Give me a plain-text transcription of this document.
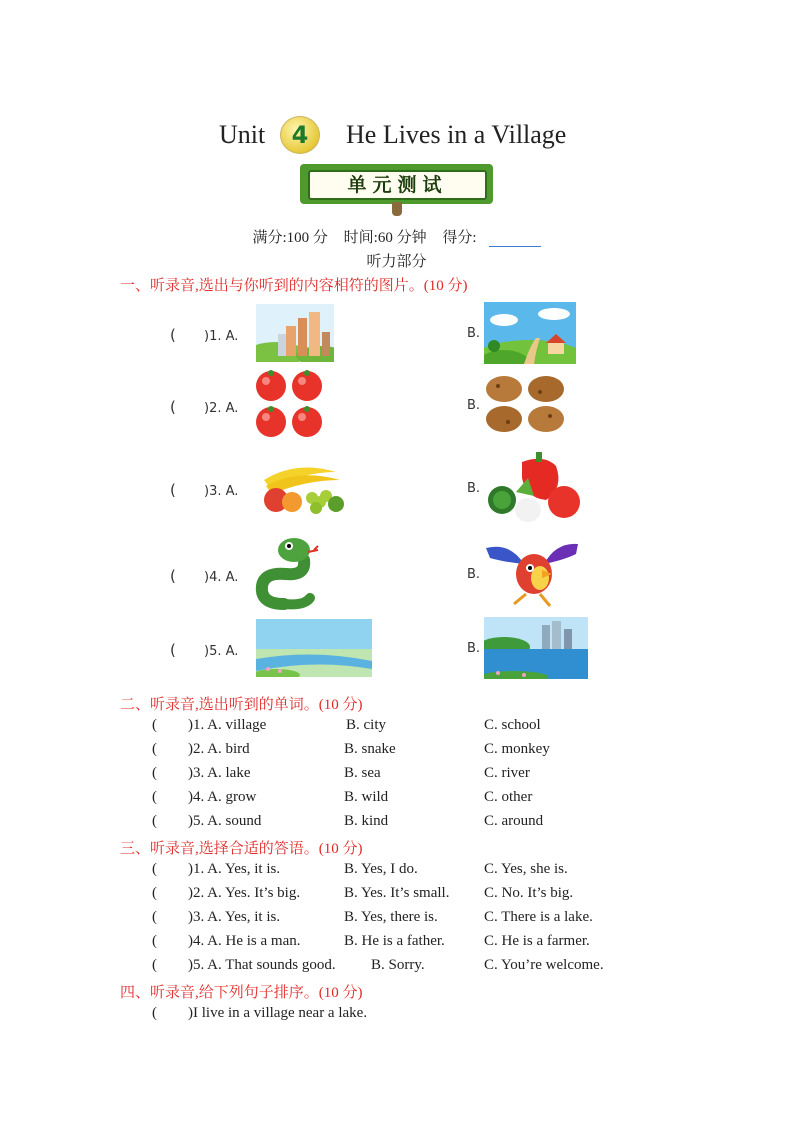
Unit	4	He Lives in a Village
单元测试
满分:100 分 时间:60 分钟 得分:
听力部分
一、听录音,选出与你听到的内容相符的图片。(10 分)
( )1. A.	B.
( )2. A.	B.
( )3. A.	B.
( )4. A.	B.
( )5. A.	B.
二、听录音,选出听到的单词。(10 分)
( )1. A. village	B. city	C. school
( )2. A. bird	B. snake	C. monkey
( )3. A. lake	B. sea	C. river
( )4. A. grow	B. wild	C. other
( )5. A. sound	B. kind	C. around
三、听录音,选择合适的答语。(10 分)
( )1. A. Yes, it is.	B. Yes, I do.	C. Yes, she is.
( )2. A. Yes. It’s big.	B. Yes. It’s small. C. No. It’s big.
( )3. A. Yes, it is.	B. Yes, there is.	C. There is a lake.
( )4. A. He is a man.	B. He is a father.	C. He is a farmer.
( )5. A. That sounds good. B. Sorry.	C. You’re welcome.
四、听录音,给下列句子排序。(10 分)
( )I live in a village near a lake.
